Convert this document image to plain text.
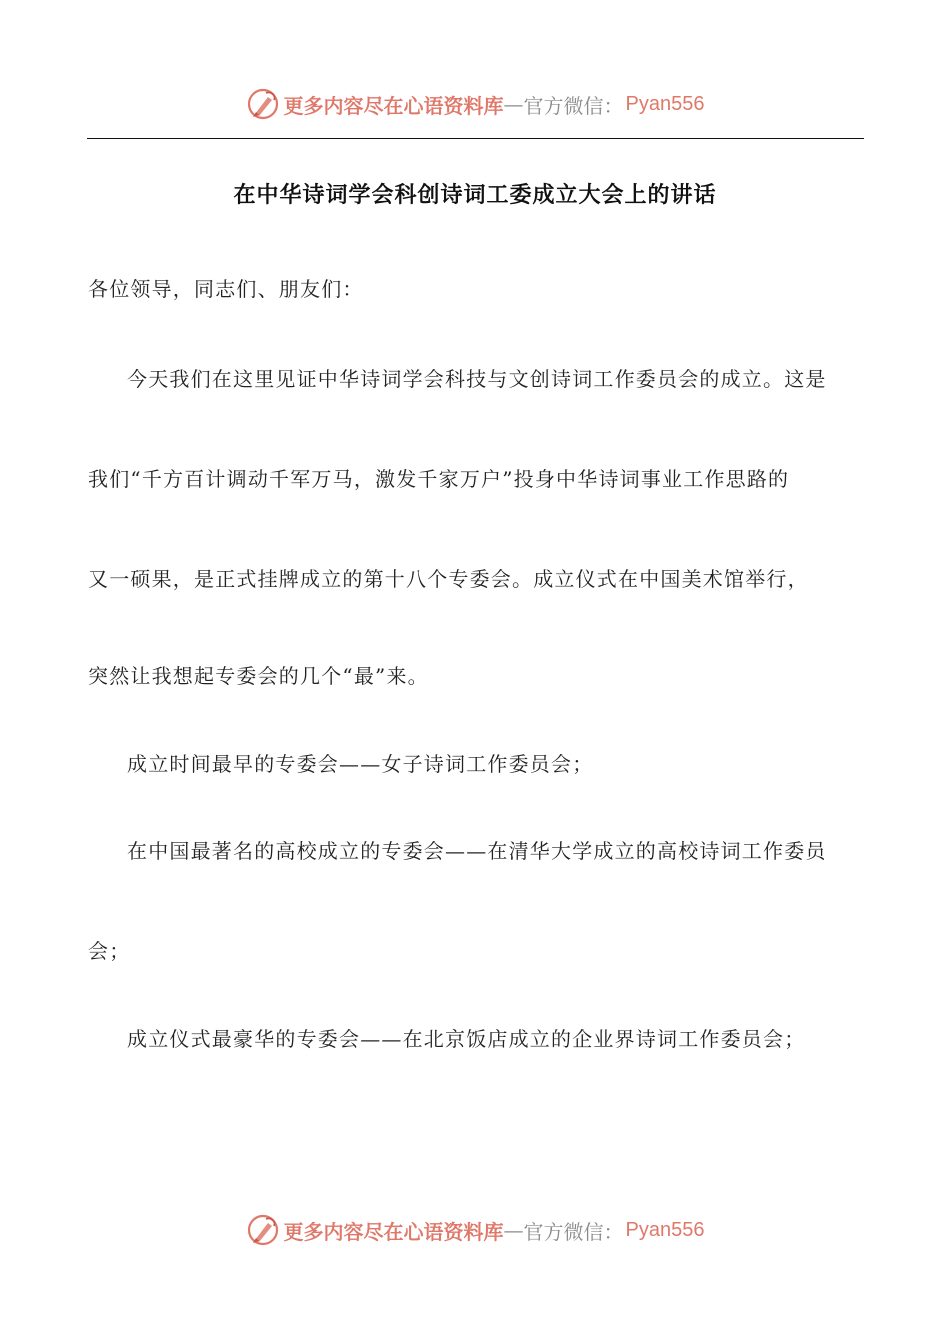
更多内容尽在心语资料库 — 官方微信： Pyan556
在中华诗词学会科创诗词工委成立大会上的讲话
各位领导，同志们、朋友们：
今天我们在这里见证中华诗词学会科技与文创诗词工作委员会的成立。这是
我们“千方百计调动千军万马，激发千家万户”投身中华诗词事业工作思路的
又一硕果，是正式挂牌成立的第十八个专委会。成立仪式在中国美术馆举行，
突然让我想起专委会的几个“最”来。
成立时间最早的专委会——女子诗词工作委员会；
在中国最著名的高校成立的专委会——在清华大学成立的高校诗词工作委员
会；
成立仪式最豪华的专委会——在北京饭店成立的企业界诗词工作委员会；
更多内容尽在心语资料库 — 官方微信： Pyan556
